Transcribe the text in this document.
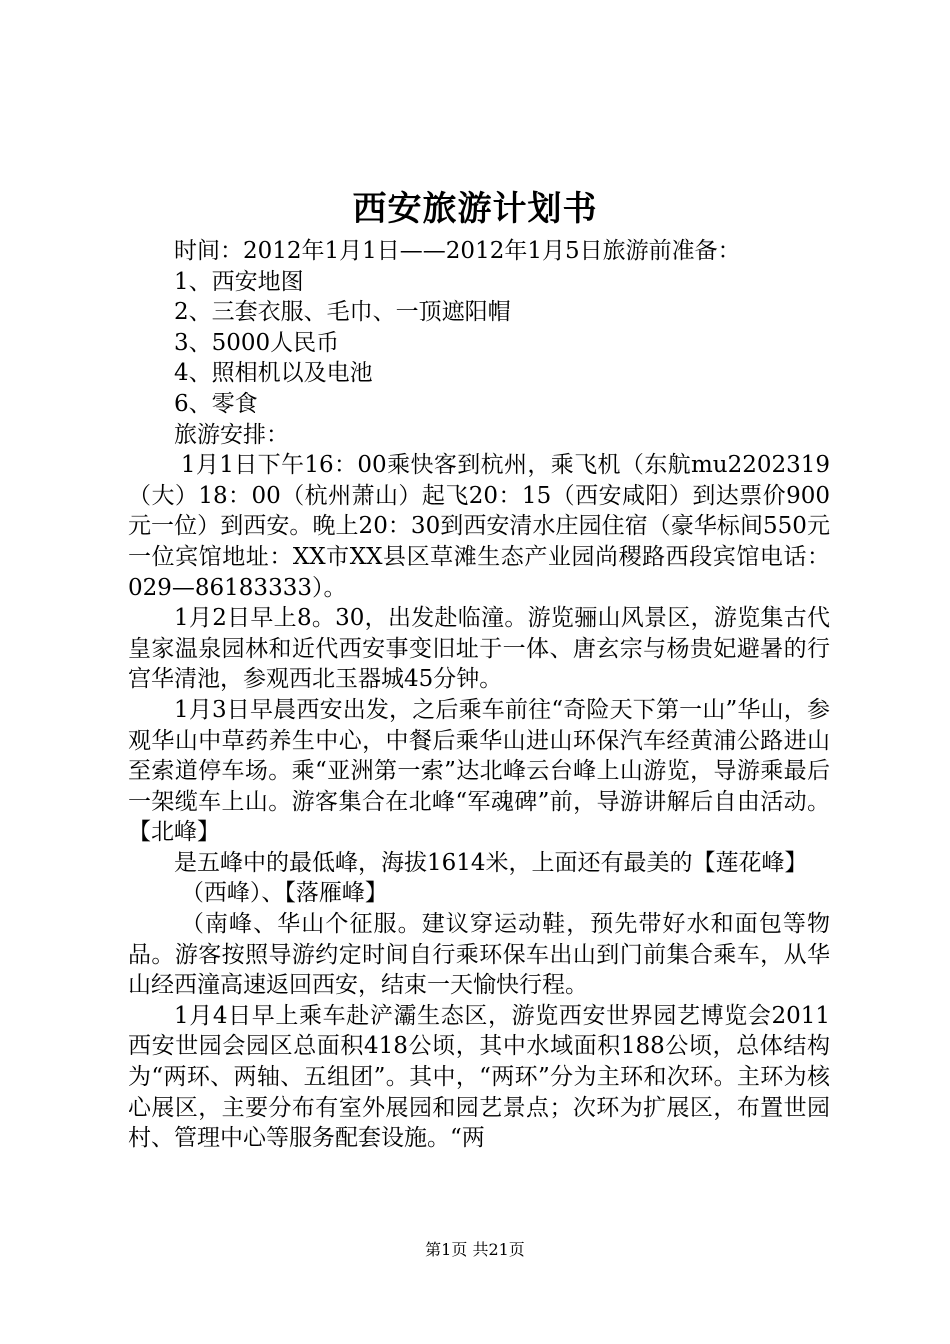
西安旅游计划书

时间：2012年1月1日——2012年1月5日旅游前准备：

1、西安地图

2、三套衣服、毛巾、一顶遮阳帽

3、5000人民币

4、照相机以及电池

6、零食

旅游安排：

1月1日下午16：00乘快客到杭州，乘飞机（东航mu2202319（大）18：00（杭州萧山）起飞20：15（西安咸阳）到达票价900元一位）到西安。晚上20：30到西安清水庄园住宿（豪华标间550元一位宾馆地址：XX市XX县区草滩生态产业园尚稷路西段宾馆电话：029—86183333）。

1月2日早上8。30，出发赴临潼。游览骊山风景区，游览集古代皇家温泉园林和近代西安事变旧址于一体、唐玄宗与杨贵妃避暑的行宫华清池，参观西北玉器城45分钟。

1月3日早晨西安出发，之后乘车前往“奇险天下第一山”华山，参观华山中草药养生中心，中餐后乘华山进山环保汽车经黄浦公路进山至索道停车场。乘“亚洲第一索”达北峰云台峰上山游览，导游乘最后一架缆车上山。游客集合在北峰“军魂碑”前，导游讲解后自由活动。【北峰】

是五峰中的最低峰，海拔1614米，上面还有最美的【莲花峰】

（西峰）、【落雁峰】

（南峰、华山个征服。建议穿运动鞋，预先带好水和面包等物品。游客按照导游约定时间自行乘环保车出山到门前集合乘车，从华山经西潼高速返回西安，结束一天愉快行程。

1月4日早上乘车赴浐灞生态区，游览西安世界园艺博览会2011西安世园会园区总面积418公顷，其中水域面积188公顷，总体结构为“两环、两轴、五组团”。其中，“两环”分为主环和次环。主环为核心展区，主要分布有室外展园和园艺景点；次环为扩展区，布置世园村、管理中心等服务配套设施。“两

第1页 共21页
